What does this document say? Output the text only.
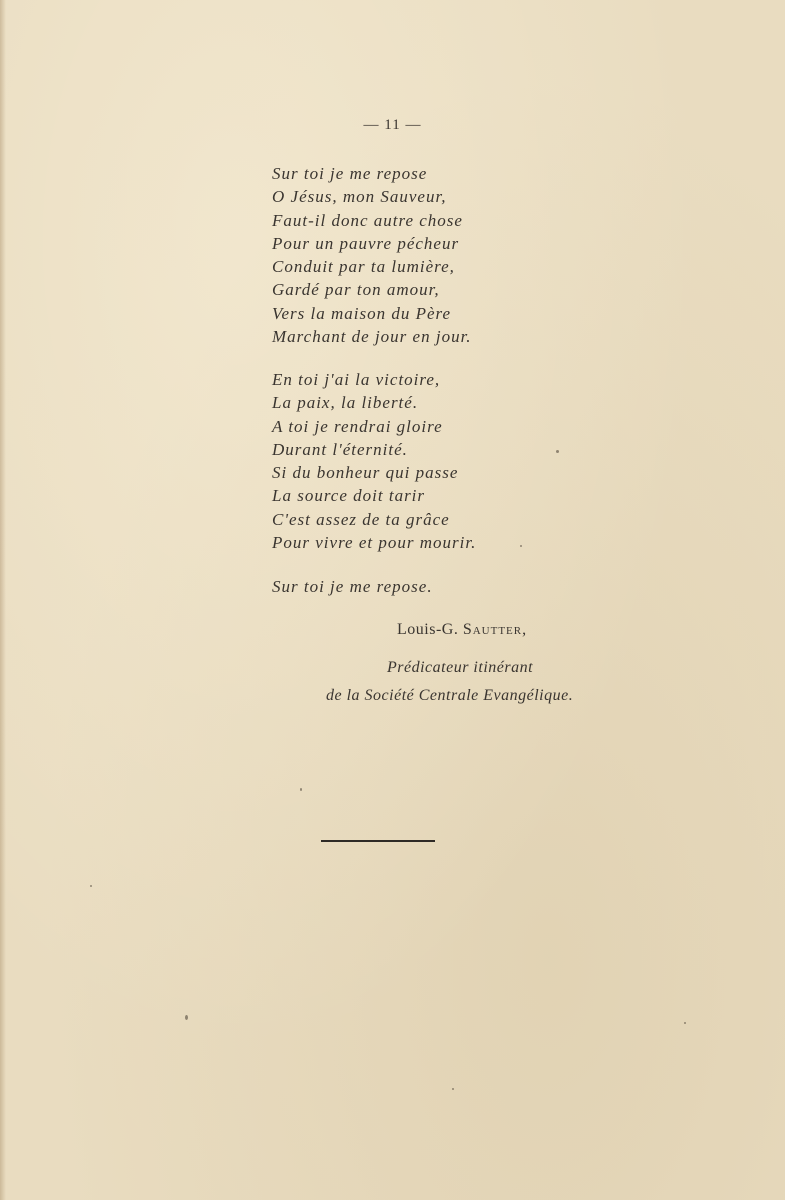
— 11 —
Sur toi je me repose
O Jésus, mon Sauveur,
Faut-il donc autre chose
Pour un pauvre pécheur
Conduit par ta lumière,
Gardé par ton amour,
Vers la maison du Père
Marchant de jour en jour.
En toi j'ai la victoire,
La paix, la liberté.
A toi je rendrai gloire
Durant l'éternité.
Si du bonheur qui passe
La source doit tarir
C'est assez de ta grâce
Pour vivre et pour mourir.
Sur toi je me repose.
Louis-G. Sautter,
Prédicateur itinérant
de la Société Centrale Evangélique.
